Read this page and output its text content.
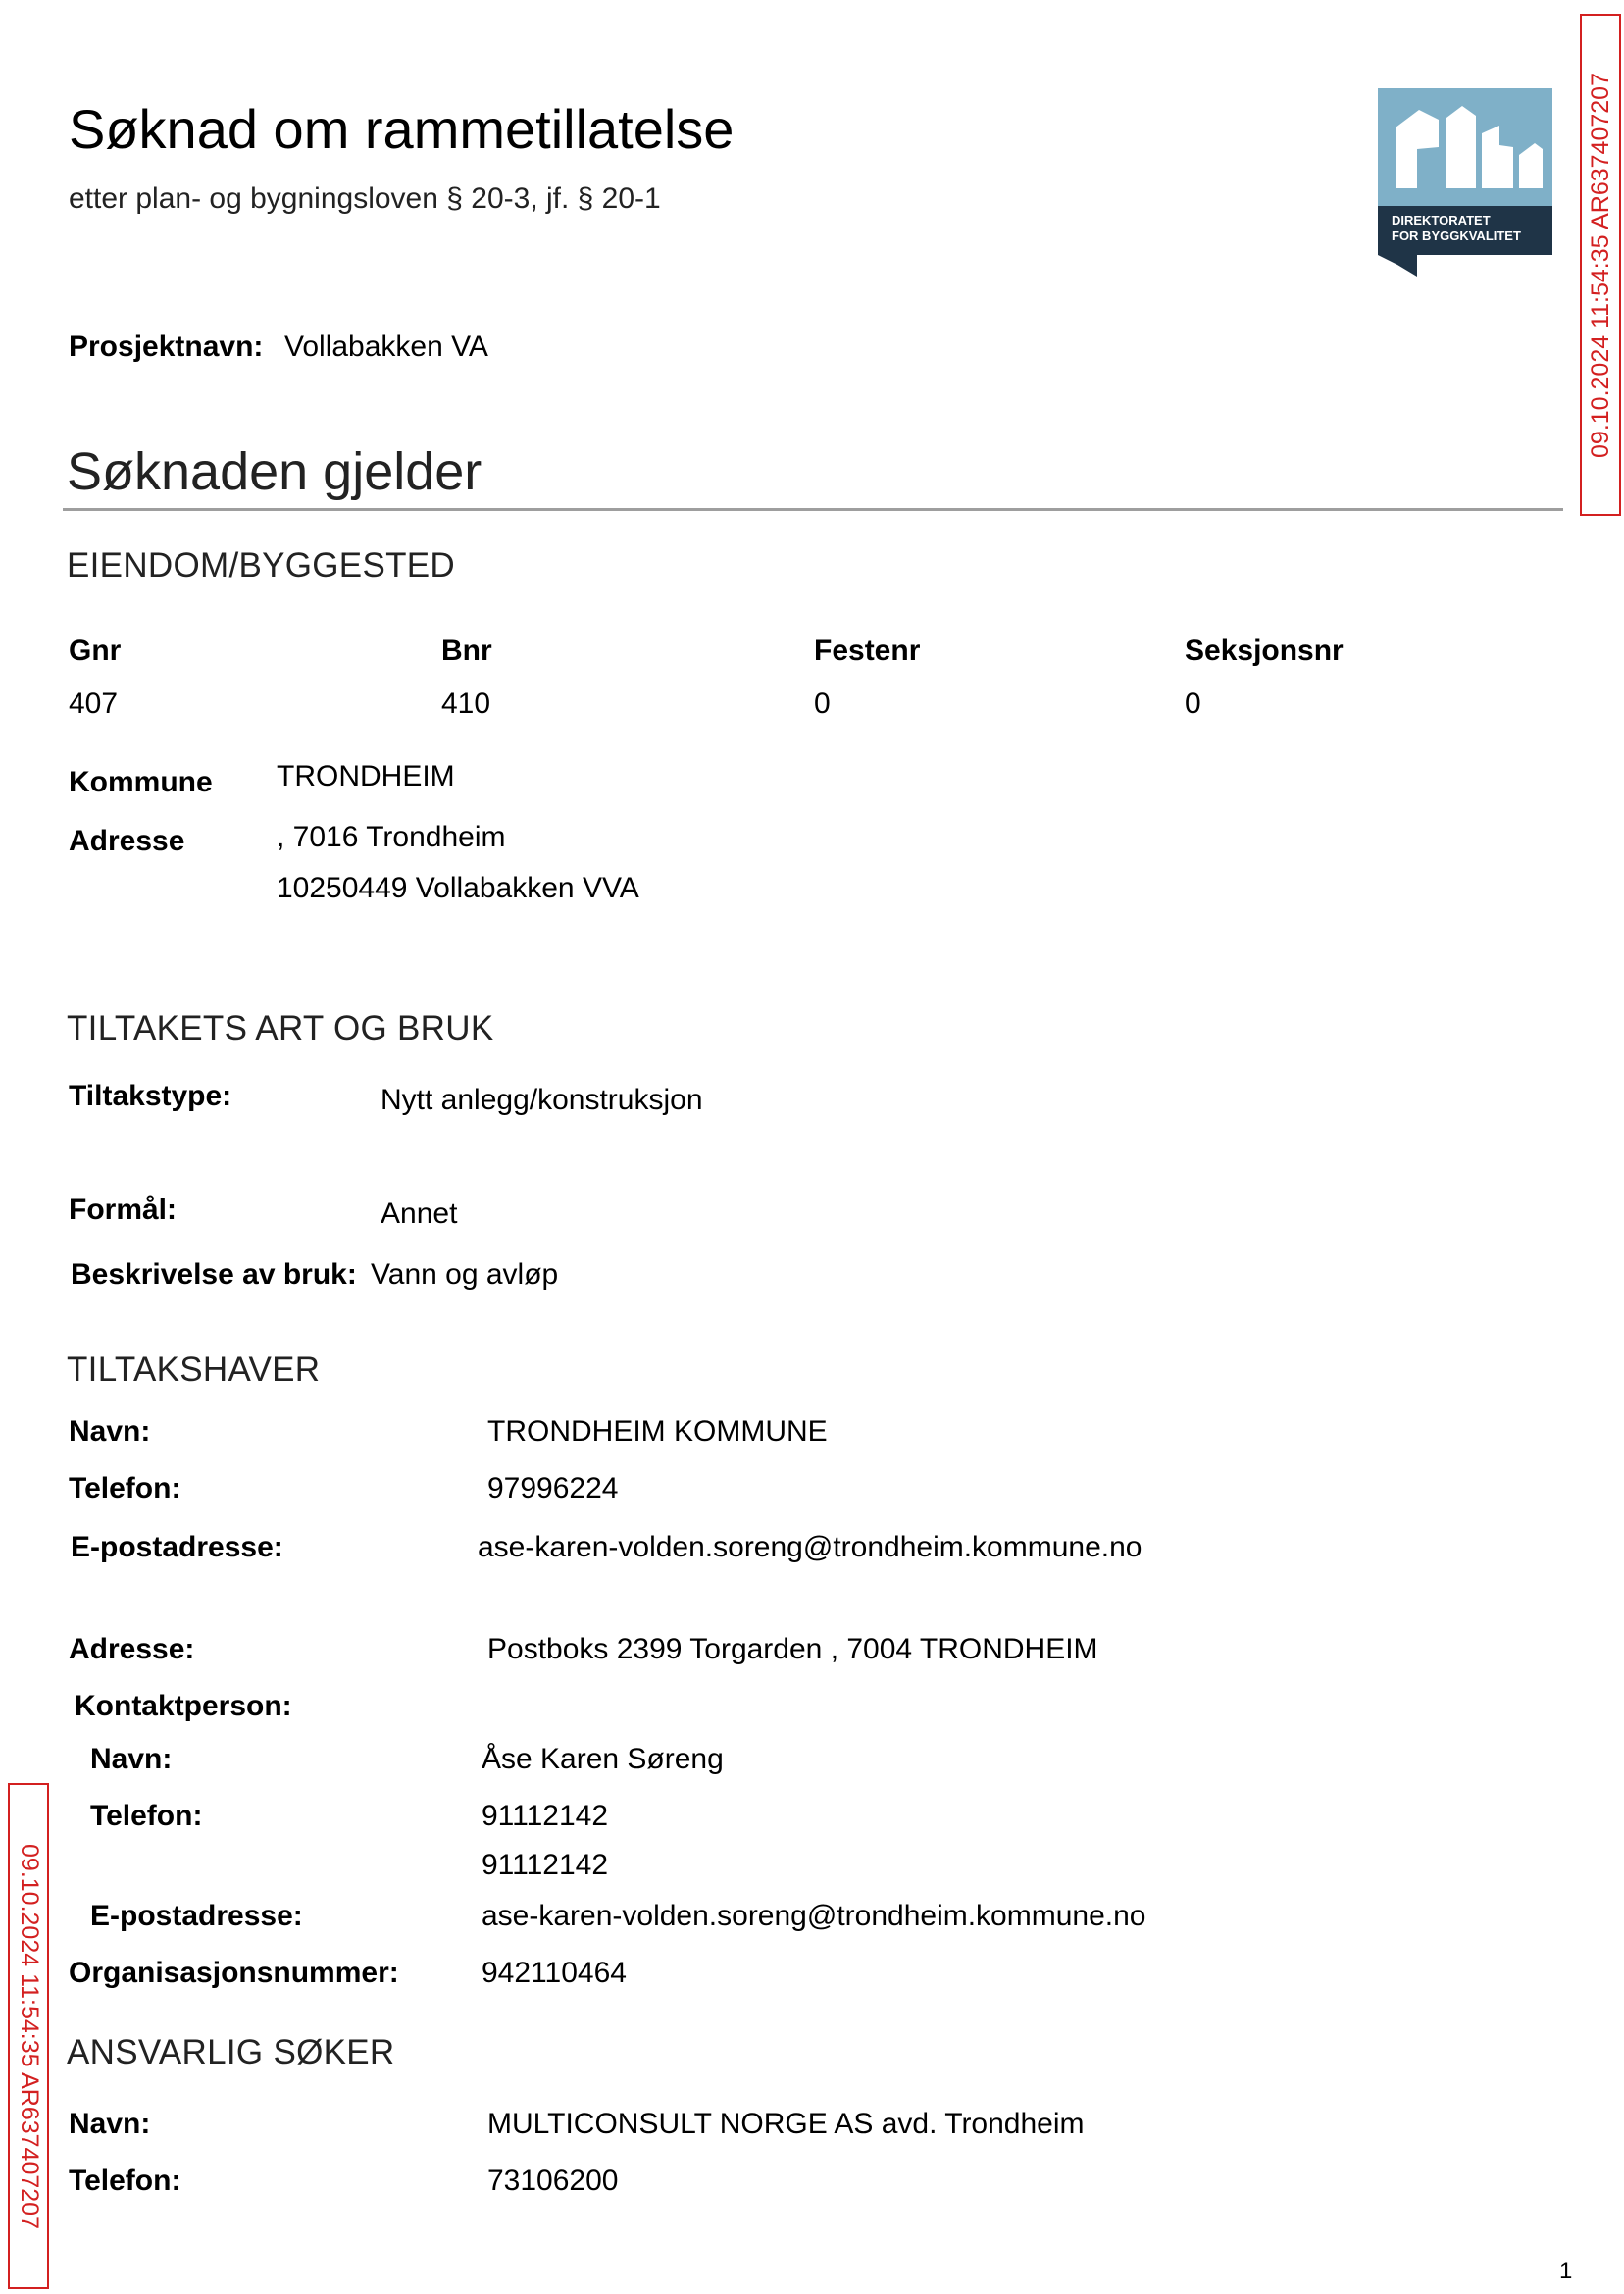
Søknad om rammetillatelse
etter plan- og bygningsloven § 20-3, jf. § 20-1
DIREKTORATET
FOR BYGGKVALITET	09.10.2024 11:54:35 AR637407207
09.10.2024 11:54:35 AR637407207
Prosjektnavn: Vollabakken VA
Søknaden gjelder
EIENDOM/BYGGESTED
Gnr	Bnr	Festenr	Seksjonsnr
407	410	0	0
Kommune TRONDHEIM
Adresse	, 7016 Trondheim
10250449 Vollabakken VVA
TILTAKETS ART OG BRUK
Tiltakstype:	Nytt anlegg/konstruksjon
Formål:	Annet
Beskrivelse av bruk: Vann og avløp
TILTAKSHAVER
Navn:	TRONDHEIM KOMMUNE
Telefon:	97996224
E-postadresse:	ase-karen-volden.soreng@trondheim.kommune.no
Adresse:	Postboks 2399 Torgarden , 7004 TRONDHEIM
Kontaktperson:
Navn:	Åse Karen Søreng
Telefon:	91112142
91112142
E-postadresse:	ase-karen-volden.soreng@trondheim.kommune.no
Organisasjonsnummer:	942110464
ANSVARLIG SØKER
Navn:	MULTICONSULT NORGE AS avd. Trondheim
Telefon:	73106200
1
